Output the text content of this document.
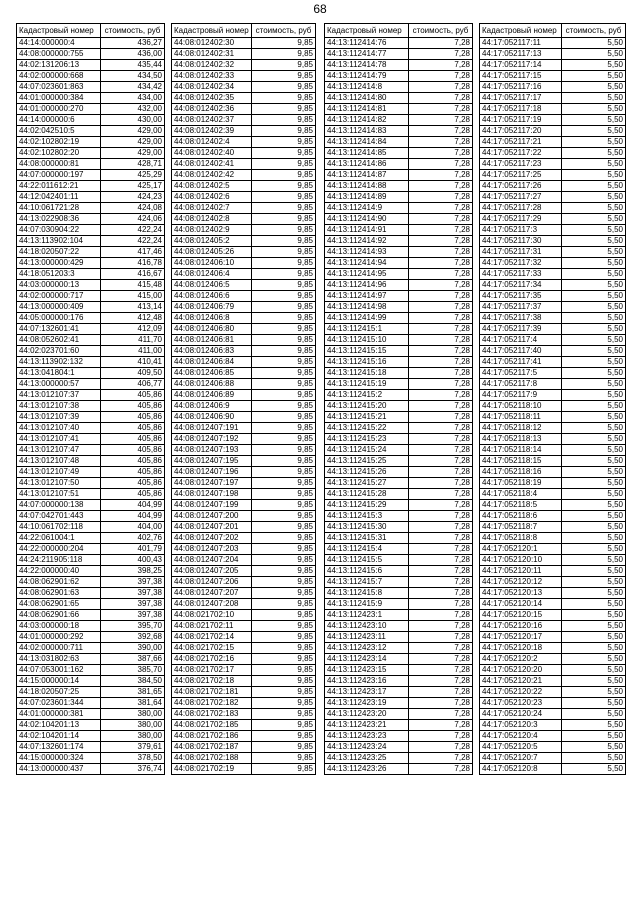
68
Кадастровый номер	стоимость, руб
44:14:000000:4	436,27
44:08:000000:755	436,00
44:02:131206:13	435,44
44:02:000000:668	434,50
44:07:023601:863	434,42
44:01:000000:384	434,00
44:01:000000:270	432,00
44:14:000000:6	430,00
44:02:042510:5	429,00
44:02:102802:19	429,00
44:02:102802:20	429,00
44:08:000000:81	428,71
44:07:000000:197	425,29
44:22:011612:21	425,17
44:12:042401:11	424,23
44:10:061721:28	424,08
44:13:022908:36	424,06
44:07:030904:22	422,24
44:13:113902:104	422,24
44:18:020507:22	417,46
44:13:000000:429	416,78
44:18:051203:3	416,67
44:03:000000:13	415,48
44:02:000000:717	415,00
44:13:000000:409	413,14
44:05:000000:176	412,48
44:07:132601:41	412,09
44:08:052602:41	411,70
44:02:023701:60	411,00
44:13:113902:132	410,41
44:13:041804:1	409,50
44:13:000000:57	406,77
44:13:012107:37	405,86
44:13:012107:38	405,86
44:13:012107:39	405,86
44:13:012107:40	405,86
44:13:012107:41	405,86
44:13:012107:47	405,86
44:13:012107:48	405,86
44:13:012107:49	405,86
44:13:012107:50	405,86
44:13:012107:51	405,86
44:07:000000:138	404,99
44:07:042701:443	404,99
44:10:061702:118	404,00
44:22:061004:1	402,76
44:22:000000:204	401,79
44:24:211905:118	400,43
44:22:000000:40	398,25
44:08:062901:62	397,38
44:08:062901:63	397,38
44:08:062901:65	397,38
44:08:062901:66	397,38
44:03:000000:18	395,70
44:01:000000:292	392,68
44:02:000000:711	390,00
44:13:031802:63	387,66
44:07:053001:162	385,70
44:15:000000:14	384,50
44:18:020507:25	381,65
44:07:023601:344	381,64
44:01:000000:381	380,00
44:02:104201:13	380,00
44:02:104201:14	380,00
44:07:132601:174	379,61
44:15:000000:324	378,50
44:13:000000:437	376,74
Кадастровый номер	стоимость, руб
44:08:012402:30	9,85
44:08:012402:31	9,85
44:08:012402:32	9,85
44:08:012402:33	9,85
44:08:012402:34	9,85
44:08:012402:35	9,85
44:08:012402:36	9,85
44:08:012402:37	9,85
44:08:012402:39	9,85
44:08:012402:4	9,85
44:08:012402:40	9,85
44:08:012402:41	9,85
44:08:012402:42	9,85
44:08:012402:5	9,85
44:08:012402:6	9,85
44:08:012402:7	9,85
44:08:012402:8	9,85
44:08:012402:9	9,85
44:08:012405:2	9,85
44:08:012405:26	9,85
44:08:012406:10	9,85
44:08:012406:4	9,85
44:08:012406:5	9,85
44:08:012406:6	9,85
44:08:012406:79	9,85
44:08:012406:8	9,85
44:08:012406:80	9,85
44:08:012406:81	9,85
44:08:012406:83	9,85
44:08:012406:84	9,85
44:08:012406:85	9,85
44:08:012406:88	9,85
44:08:012406:89	9,85
44:08:012406:9	9,85
44:08:012406:90	9,85
44:08:012407:191	9,85
44:08:012407:192	9,85
44:08:012407:193	9,85
44:08:012407:195	9,85
44:08:012407:196	9,85
44:08:012407:197	9,85
44:08:012407:198	9,85
44:08:012407:199	9,85
44:08:012407:200	9,85
44:08:012407:201	9,85
44:08:012407:202	9,85
44:08:012407:203	9,85
44:08:012407:204	9,85
44:08:012407:205	9,85
44:08:012407:206	9,85
44:08:012407:207	9,85
44:08:012407:208	9,85
44:08:021702:10	9,85
44:08:021702:11	9,85
44:08:021702:14	9,85
44:08:021702:15	9,85
44:08:021702:16	9,85
44:08:021702:17	9,85
44:08:021702:18	9,85
44:08:021702:181	9,85
44:08:021702:182	9,85
44:08:021702:183	9,85
44:08:021702:185	9,85
44:08:021702:186	9,85
44:08:021702:187	9,85
44:08:021702:188	9,85
44:08:021702:19	9,85
Кадастровый номер	стоимость, руб
44:13:112414:76	7,28
44:13:112414:77	7,28
44:13:112414:78	7,28
44:13:112414:79	7,28
44:13:112414:8	7,28
44:13:112414:80	7,28
44:13:112414:81	7,28
44:13:112414:82	7,28
44:13:112414:83	7,28
44:13:112414:84	7,28
44:13:112414:85	7,28
44:13:112414:86	7,28
44:13:112414:87	7,28
44:13:112414:88	7,28
44:13:112414:89	7,28
44:13:112414:9	7,28
44:13:112414:90	7,28
44:13:112414:91	7,28
44:13:112414:92	7,28
44:13:112414:93	7,28
44:13:112414:94	7,28
44:13:112414:95	7,28
44:13:112414:96	7,28
44:13:112414:97	7,28
44:13:112414:98	7,28
44:13:112414:99	7,28
44:13:112415:1	7,28
44:13:112415:10	7,28
44:13:112415:15	7,28
44:13:112415:16	7,28
44:13:112415:18	7,28
44:13:112415:19	7,28
44:13:112415:2	7,28
44:13:112415:20	7,28
44:13:112415:21	7,28
44:13:112415:22	7,28
44:13:112415:23	7,28
44:13:112415:24	7,28
44:13:112415:25	7,28
44:13:112415:26	7,28
44:13:112415:27	7,28
44:13:112415:28	7,28
44:13:112415:29	7,28
44:13:112415:3	7,28
44:13:112415:30	7,28
44:13:112415:31	7,28
44:13:112415:4	7,28
44:13:112415:5	7,28
44:13:112415:6	7,28
44:13:112415:7	7,28
44:13:112415:8	7,28
44:13:112415:9	7,28
44:13:112423:1	7,28
44:13:112423:10	7,28
44:13:112423:11	7,28
44:13:112423:12	7,28
44:13:112423:14	7,28
44:13:112423:15	7,28
44:13:112423:16	7,28
44:13:112423:17	7,28
44:13:112423:19	7,28
44:13:112423:20	7,28
44:13:112423:21	7,28
44:13:112423:23	7,28
44:13:112423:24	7,28
44:13:112423:25	7,28
44:13:112423:26	7,28
Кадастровый номер	стоимость, руб
44:17:052117:11	5,50
44:17:052117:13	5,50
44:17:052117:14	5,50
44:17:052117:15	5,50
44:17:052117:16	5,50
44:17:052117:17	5,50
44:17:052117:18	5,50
44:17:052117:19	5,50
44:17:052117:20	5,50
44:17:052117:21	5,50
44:17:052117:22	5,50
44:17:052117:23	5,50
44:17:052117:25	5,50
44:17:052117:26	5,50
44:17:052117:27	5,50
44:17:052117:28	5,50
44:17:052117:29	5,50
44:17:052117:3	5,50
44:17:052117:30	5,50
44:17:052117:31	5,50
44:17:052117:32	5,50
44:17:052117:33	5,50
44:17:052117:34	5,50
44:17:052117:35	5,50
44:17:052117:37	5,50
44:17:052117:38	5,50
44:17:052117:39	5,50
44:17:052117:4	5,50
44:17:052117:40	5,50
44:17:052117:41	5,50
44:17:052117:5	5,50
44:17:052117:8	5,50
44:17:052117:9	5,50
44:17:052118:10	5,50
44:17:052118:11	5,50
44:17:052118:12	5,50
44:17:052118:13	5,50
44:17:052118:14	5,50
44:17:052118:15	5,50
44:17:052118:16	5,50
44:17:052118:19	5,50
44:17:052118:4	5,50
44:17:052118:5	5,50
44:17:052118:6	5,50
44:17:052118:7	5,50
44:17:052118:8	5,50
44:17:052120:1	5,50
44:17:052120:10	5,50
44:17:052120:11	5,50
44:17:052120:12	5,50
44:17:052120:13	5,50
44:17:052120:14	5,50
44:17:052120:15	5,50
44:17:052120:16	5,50
44:17:052120:17	5,50
44:17:052120:18	5,50
44:17:052120:2	5,50
44:17:052120:20	5,50
44:17:052120:21	5,50
44:17:052120:22	5,50
44:17:052120:23	5,50
44:17:052120:24	5,50
44:17:052120:3	5,50
44:17:052120:4	5,50
44:17:052120:5	5,50
44:17:052120:7	5,50
44:17:052120:8	5,50
